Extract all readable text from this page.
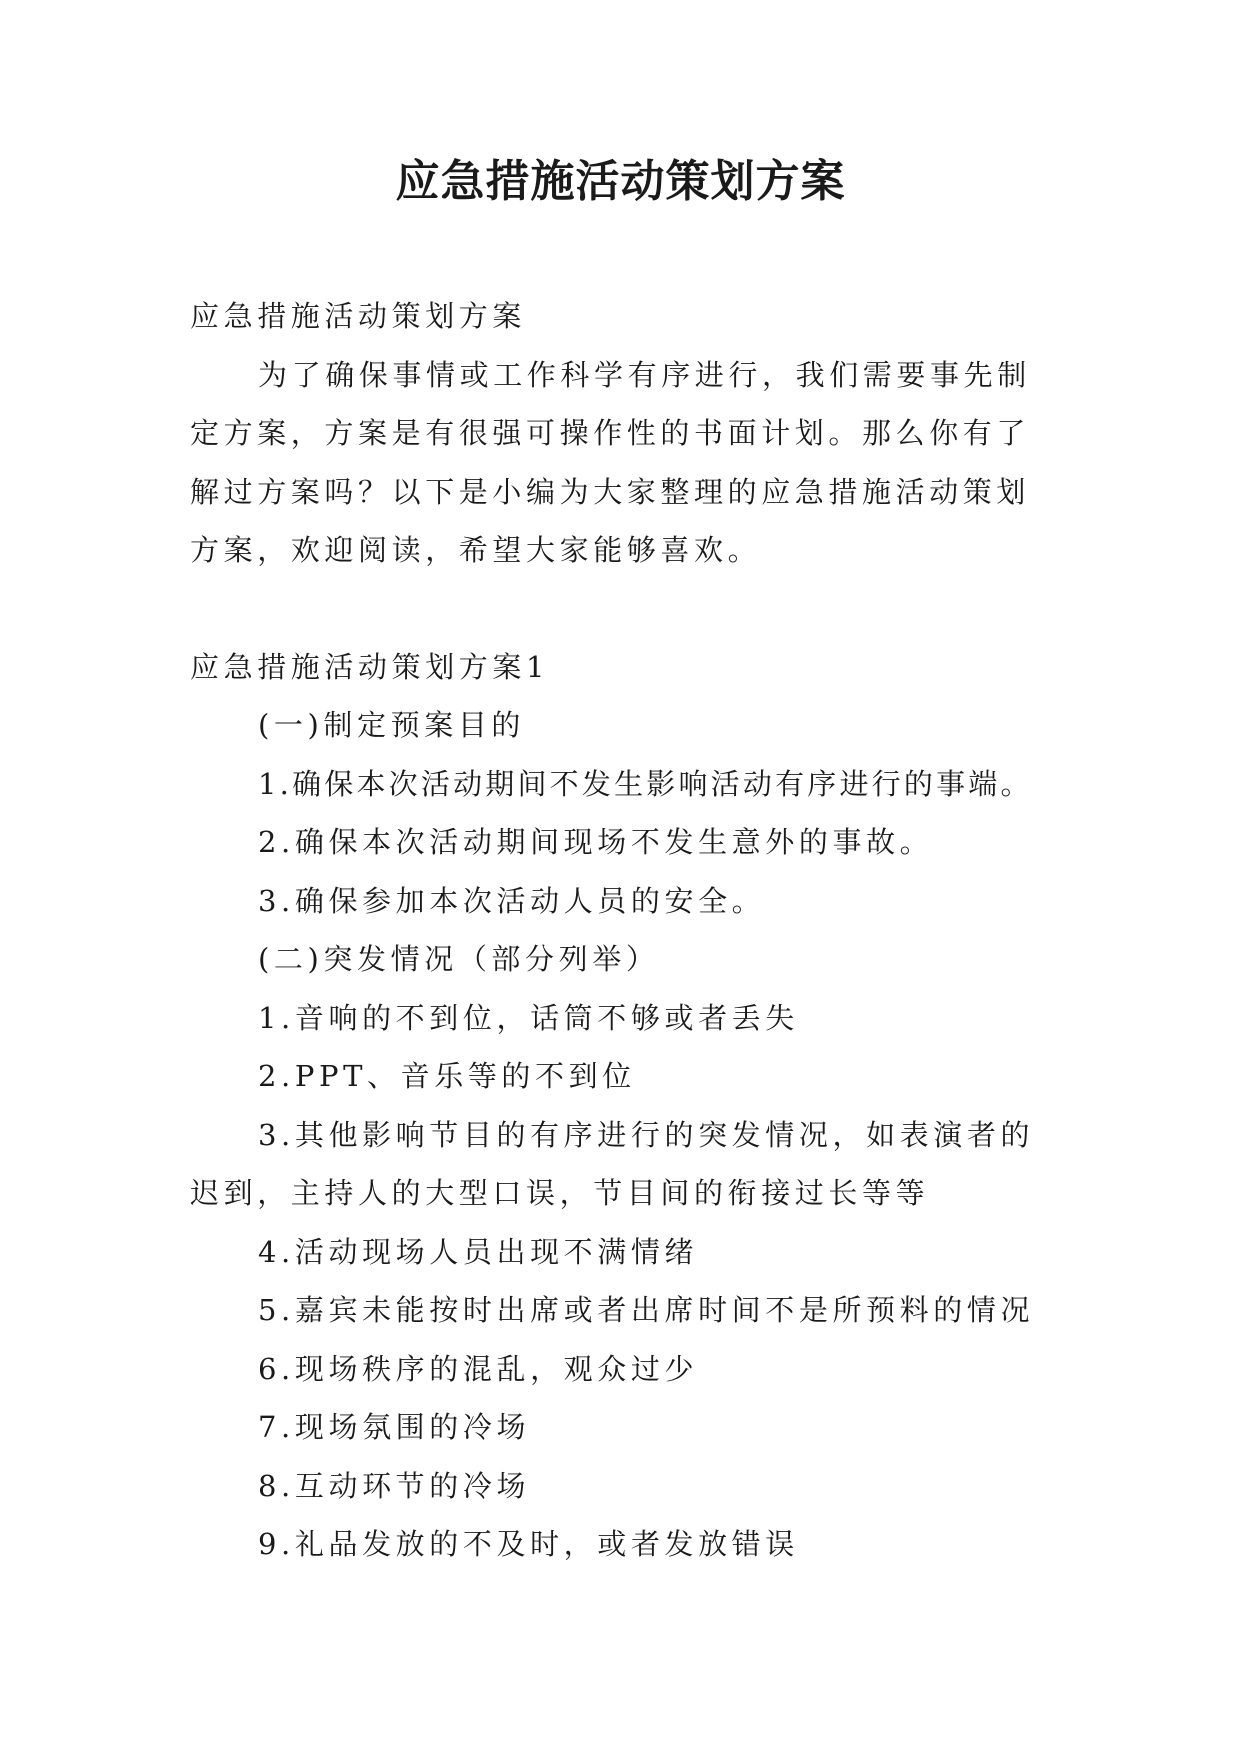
应急措施活动策划方案

应急措施活动策划方案

为了确保事情或工作科学有序进行，我们需要事先制定方案，方案是有很强可操作性的书面计划。那么你有了解过方案吗？以下是小编为大家整理的应急措施活动策划方案，欢迎阅读，希望大家能够喜欢。

应急措施活动策划方案1

(一)制定预案目的

1.确保本次活动期间不发生影响活动有序进行的事端。

2.确保本次活动期间现场不发生意外的事故。

3.确保参加本次活动人员的安全。

(二)突发情况（部分列举）

1.音响的不到位，话筒不够或者丢失

2.PPT、音乐等的不到位

3.其他影响节目的有序进行的突发情况，如表演者的迟到，主持人的大型口误，节目间的衔接过长等等

4.活动现场人员出现不满情绪

5.嘉宾未能按时出席或者出席时间不是所预料的情况

6.现场秩序的混乱，观众过少

7.现场氛围的冷场

8.互动环节的冷场

9.礼品发放的不及时，或者发放错误
